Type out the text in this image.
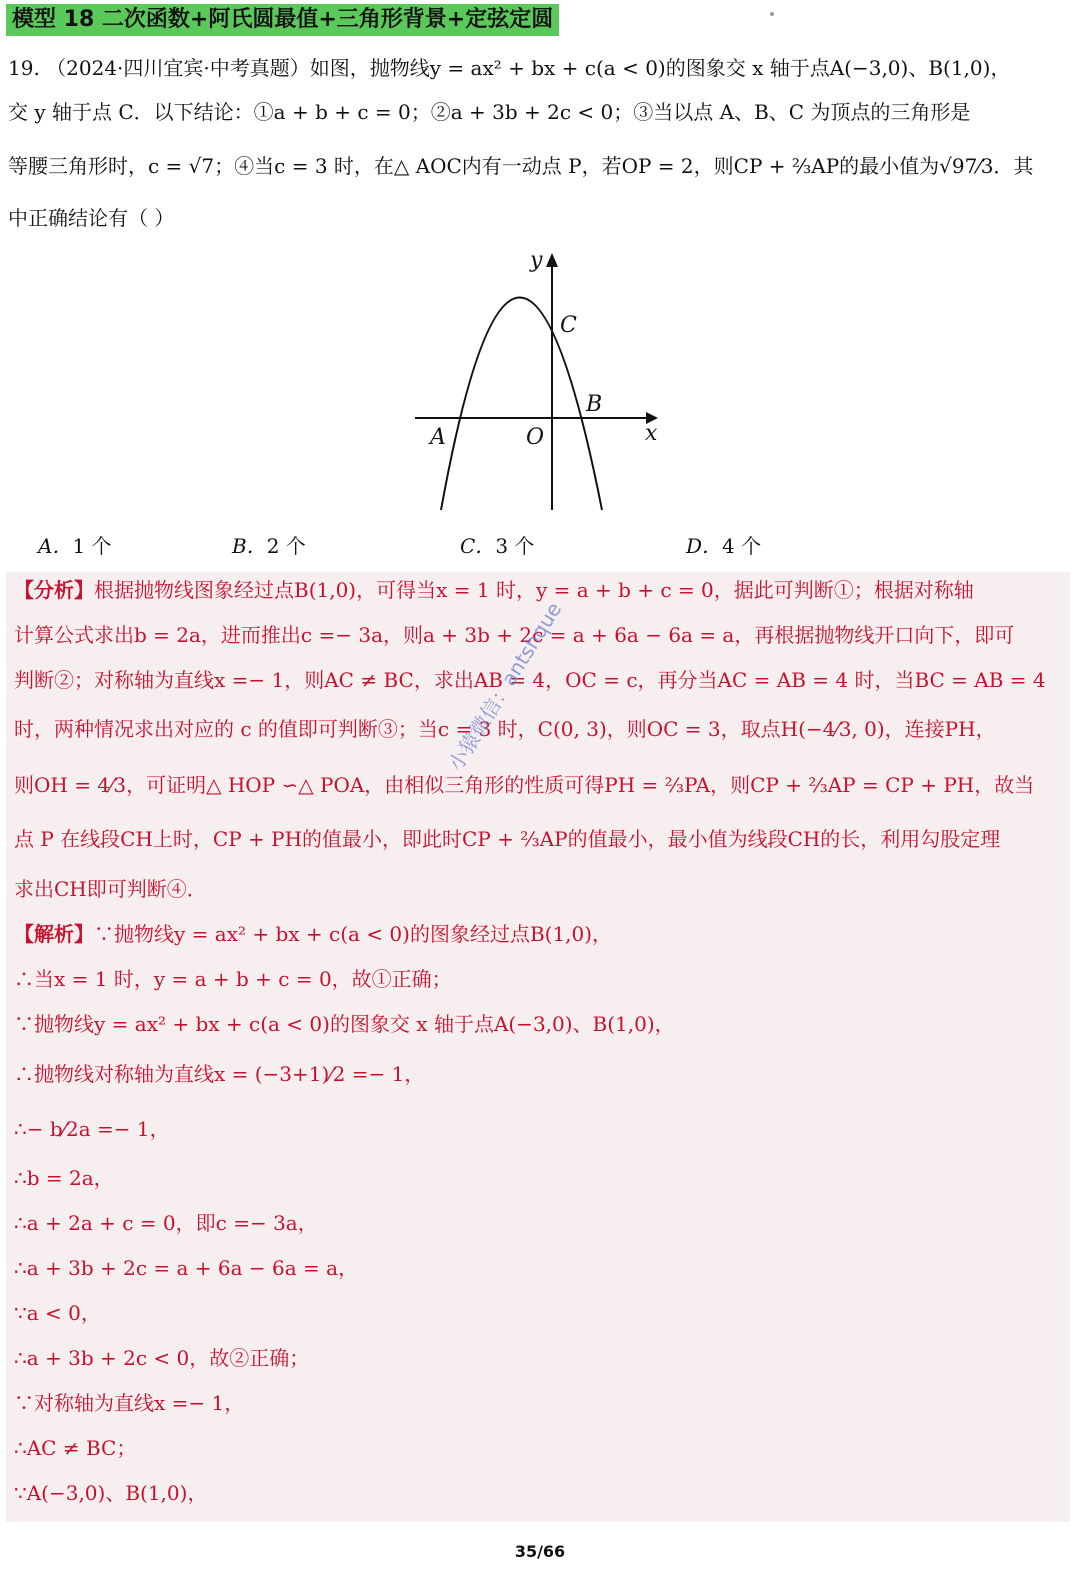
模型 18 二次函数+阿氏圆最值+三角形背景+定弦定圆
19. （2024·四川宜宾·中考真题）如图，抛物线y = ax² + bx + c(a < 0)的图象交 x 轴于点A(−3,0)、B(1,0)，
交 y 轴于点 C．以下结论：①a + b + c = 0；②a + 3b + 2c < 0；③当以点 A、B、C 为顶点的三角形是
等腰三角形时，c = √7；④当c = 3 时，在△ AOC内有一动点 P，若OP = 2，则CP + ⅔AP的最小值为√97⁄3．其
中正确结论有（ ）
y
x
A	O
B
C
A．1 个	B．2 个	C．3 个	D．4 个
【分析】根据抛物线图象经过点B(1,0)，可得当x = 1 时，y = a + b + c = 0，据此可判断①；根据对称轴
计算公式求出b = 2a，进而推出c =− 3a，则a + 3b + 2c = a + 6a − 6a = a，再根据抛物线开口向下，即可
判断②；对称轴为直线x =− 1，则AC ≠ BC，求出AB = 4，OC = c，再分当AC = AB = 4 时，当BC = AB = 4
时，两种情况求出对应的 c 的值即可判断③；当c = 3 时，C(0, 3)，则OC = 3，取点H(−4⁄3, 0)，连接PH，
则OH = 4⁄3，可证明△ HOP ∽△ POA，由相似三角形的性质可得PH = ⅔PA，则CP + ⅔AP = CP + PH，故当
点 P 在线段CH上时，CP + PH的值最小，即此时CP + ⅔AP的值最小，最小值为线段CH的长，利用勾股定理
求出CH即可判断④．
【解析】∵抛物线y = ax² + bx + c(a < 0)的图象经过点B(1,0)，
∴当x = 1 时，y = a + b + c = 0，故①正确；
∵抛物线y = ax² + bx + c(a < 0)的图象交 x 轴于点A(−3,0)、B(1,0)，
∴抛物线对称轴为直线x = (−3+1)⁄2 =− 1，
∴− b⁄2a =− 1，
∴b = 2a，
∴a + 2a + c = 0，即c =− 3a，
∴a + 3b + 2c = a + 6a − 6a = a，
∵a < 0，
∴a + 3b + 2c < 0，故②正确；
∵对称轴为直线x =− 1，
∴AC ≠ BC；
∵A(−3,0)、B(1,0)，
小猿微信：antshque
35/66
